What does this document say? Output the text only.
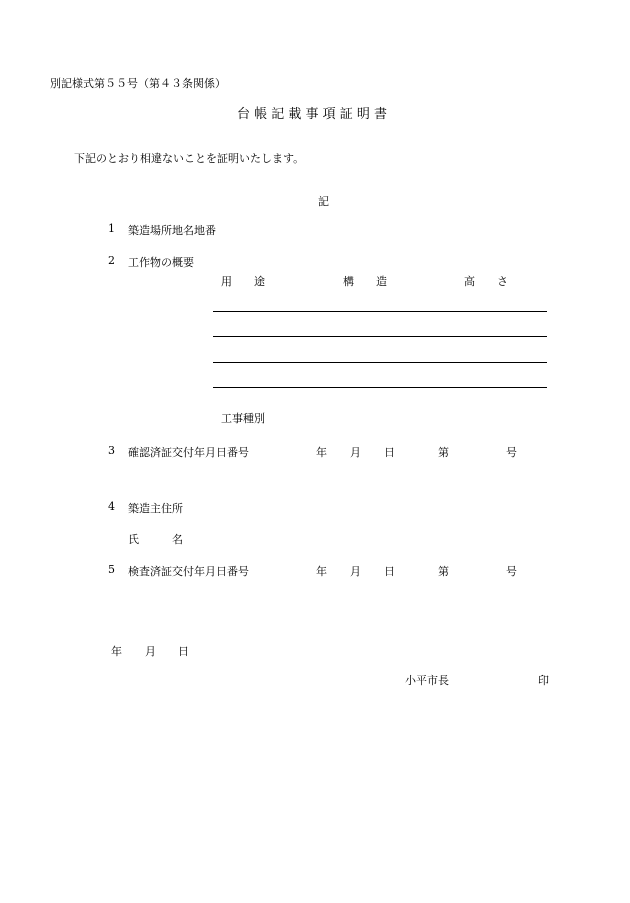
別記様式第５５号（第４３条関係）
台 帳 記 載 事 項 証 明 書
下記のとおり相違ないことを証明いたします。
記
1 築造場所地名地番
2 工作物の概要
用　　途	構　　造	高　　さ
工事種別
3 確認済証交付年月日番号	年 月 日	第	号
4 築造主住所
氏　　　名
5 検査済証交付年月日番号	年 月 日	第	号
年 月 日
小平市長	印
